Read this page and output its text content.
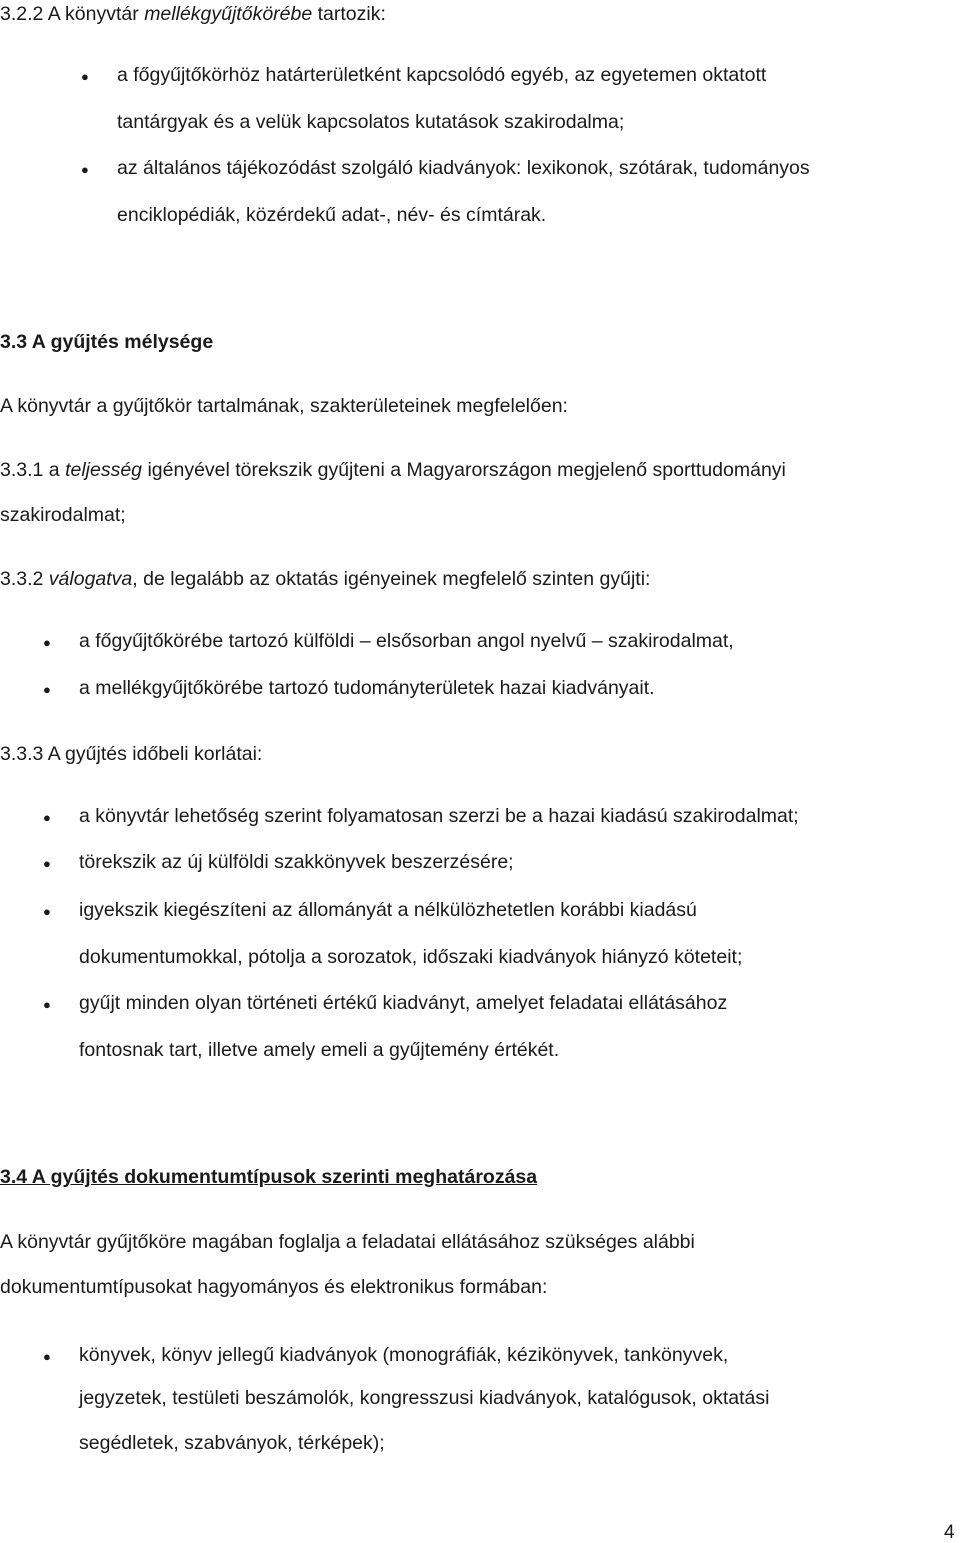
3.2.2 A könyvtár mellékgyűjtőkörébe tartozik:
● a főgyűjtőkörhöz határterületként kapcsolódó egyéb, az egyetemen oktatott
tantárgyak és a velük kapcsolatos kutatások szakirodalma;
● az általános tájékozódást szolgáló kiadványok: lexikonok, szótárak, tudományos
enciklopédiák, közérdekű adat-, név- és címtárak.
3.3 A gyűjtés mélysége
A könyvtár a gyűjtőkör tartalmának, szakterületeinek megfelelően:
3.3.1 a teljesség igényével törekszik gyűjteni a Magyarországon megjelenő sporttudományi
szakirodalmat;
3.3.2 válogatva, de legalább az oktatás igényeinek megfelelő szinten gyűjti:
● a főgyűjtőkörébe tartozó külföldi – elsősorban angol nyelvű – szakirodalmat,
● a mellékgyűjtőkörébe tartozó tudományterületek hazai kiadványait.
3.3.3 A gyűjtés időbeli korlátai:
● a könyvtár lehetőség szerint folyamatosan szerzi be a hazai kiadású szakirodalmat;
● törekszik az új külföldi szakkönyvek beszerzésére;
● igyekszik kiegészíteni az állományát a nélkülözhetetlen korábbi kiadású
dokumentumokkal, pótolja a sorozatok, időszaki kiadványok hiányzó köteteit;
● gyűjt minden olyan történeti értékű kiadványt, amelyet feladatai ellátásához
fontosnak tart, illetve amely emeli a gyűjtemény értékét.
3.4 A gyűjtés dokumentumtípusok szerinti meghatározása
A könyvtár gyűjtőköre magában foglalja a feladatai ellátásához szükséges alábbi
dokumentumtípusokat hagyományos és elektronikus formában:
● könyvek, könyv jellegű kiadványok (monográfiák, kézikönyvek, tankönyvek,
jegyzetek, testületi beszámolók, kongresszusi kiadványok, katalógusok, oktatási
segédletek, szabványok, térképek);
4
